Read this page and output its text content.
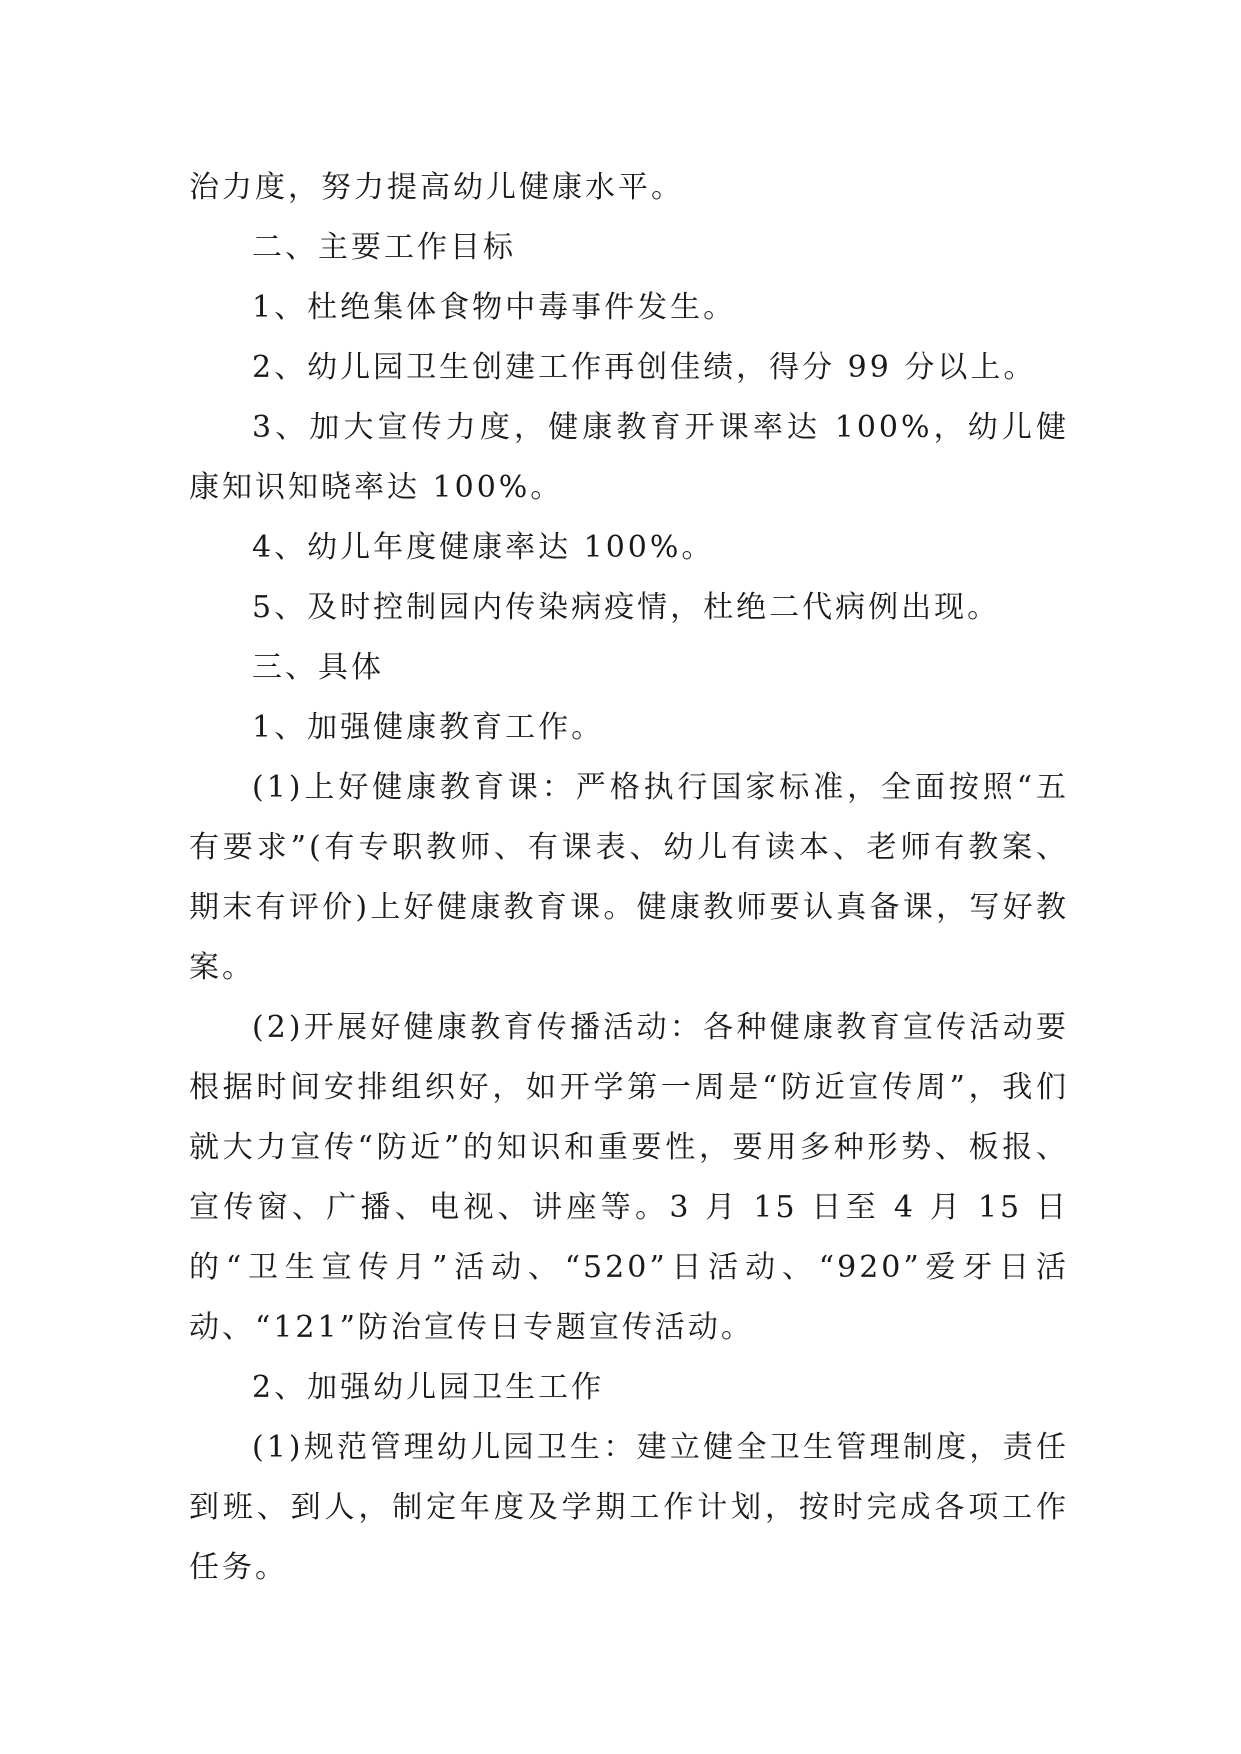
治力度，努力提高幼儿健康水平。

二、主要工作目标

1、杜绝集体食物中毒事件发生。

2、幼儿园卫生创建工作再创佳绩，得分 99 分以上。

3、加大宣传力度，健康教育开课率达 100%，幼儿健康知识知晓率达 100%。

4、幼儿年度健康率达 100%。

5、及时控制园内传染病疫情，杜绝二代病例出现。

三、具体

1、加强健康教育工作。

(1)上好健康教育课：严格执行国家标准，全面按照“五有要求”(有专职教师、有课表、幼儿有读本、老师有教案、期末有评价)上好健康教育课。健康教师要认真备课，写好教案。

(2)开展好健康教育传播活动：各种健康教育宣传活动要根据时间安排组织好，如开学第一周是“防近宣传周”，我们就大力宣传“防近”的知识和重要性，要用多种形势、板报、宣传窗、广播、电视、讲座等。3 月 15 日至 4 月 15 日的“卫生宣传月”活动、“520”日活动、“920”爱牙日活动、“121”防治宣传日专题宣传活动。

2、加强幼儿园卫生工作

(1)规范管理幼儿园卫生：建立健全卫生管理制度，责任到班、到人，制定年度及学期工作计划，按时完成各项工作任务。
